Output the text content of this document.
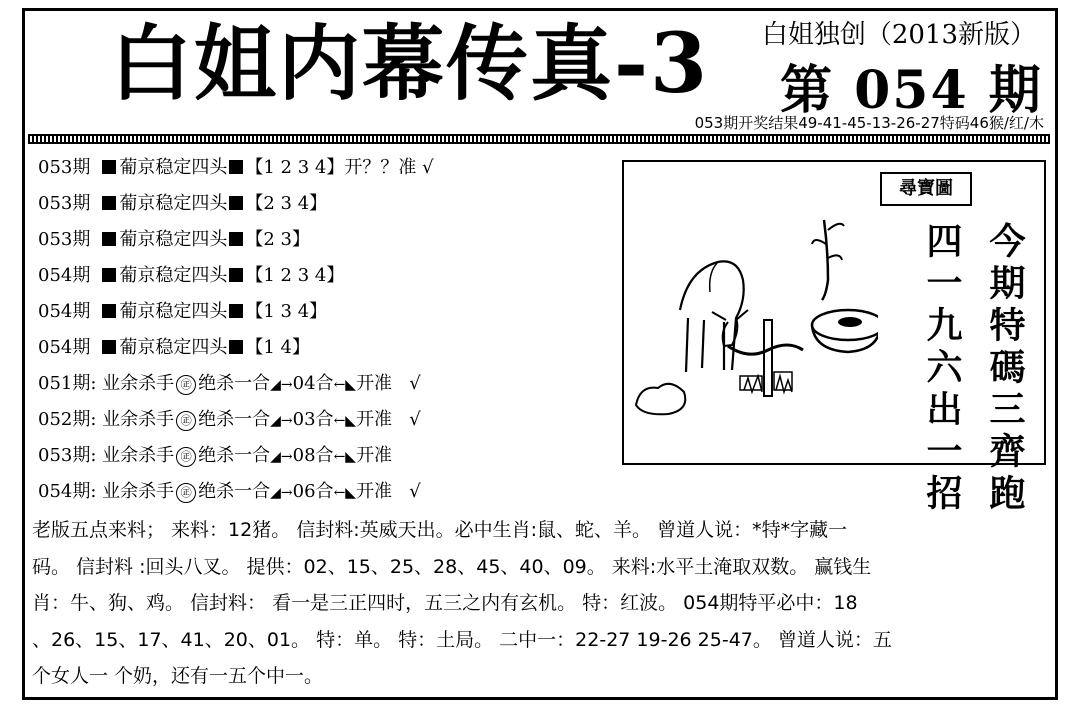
白姐内幕传真-3 白姐独创（2013新版）
第 054 期
053期开奖结果49-41-45-13-26-27特码46猴/红/木
053期 葡京稳定四头 【1 2 3 4】开？？准 √
053期 葡京稳定四头 【2 3 4】
053期 葡京稳定四头 【2 3】
054期 葡京稳定四头 【1 2 3 4】
054期 葡京稳定四头 【1 3 4】
054期 葡京稳定四头 【1 4】
051期: 业余杀手 ㊣ 绝杀一合◢→04合←◣开准 √
052期: 业余杀手 ㊣ 绝杀一合◢→03合←◣开准 √
053期: 业余杀手 ㊣ 绝杀一合◢→08合←◣开准
054期: 业余杀手 ㊣ 绝杀一合◢→06合←◣开准 √
尋寶圖
今期特碼三齊跑
四一九六出一招
老版五点来料； 来料：12猪。 信封料:英威天出。必中生肖:鼠、蛇、羊。 曾道人说：*特*字藏一
码。 信封料 :回头八叉。 提供：02、15、25、28、45、40、09。 来料:水平土淹取双数。 赢钱生
肖：牛、狗、鸡。 信封料： 看一是三正四时，五三之内有玄机。 特：红波。 054期特平必中：18
、26、15、17、41、20、01。 特：单。 特：土局。 二中一：22-27 19-26 25-47。 曾道人说：五
个女人一 个奶，还有一五个中一。
